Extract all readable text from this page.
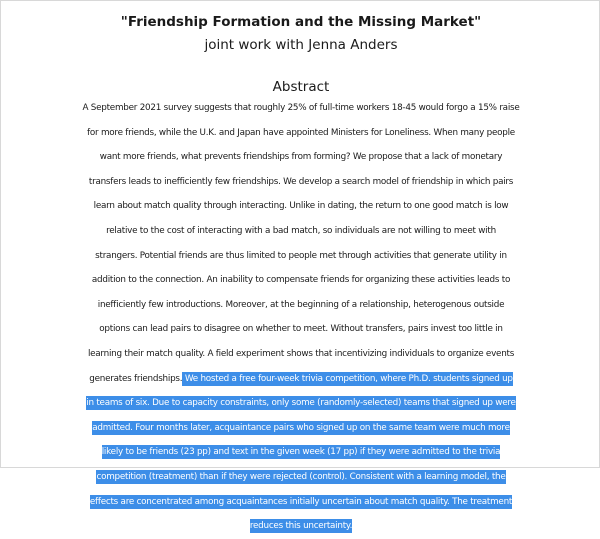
"Friendship Formation and the Missing Market"
joint work with Jenna Anders
Abstract
A September 2021 survey suggests that roughly 25% of full-time workers 18-45 would forgo a 15% raise
for more friends, while the U.K. and Japan have appointed Ministers for Loneliness. When many people
want more friends, what prevents friendships from forming? We propose that a lack of monetary
transfers leads to inefficiently few friendships. We develop a search model of friendship in which pairs
learn about match quality through interacting. Unlike in dating, the return to one good match is low
relative to the cost of interacting with a bad match, so individuals are not willing to meet with
strangers. Potential friends are thus limited to people met through activities that generate utility in
addition to the connection. An inability to compensate friends for organizing these activities leads to
inefficiently few introductions. Moreover, at the beginning of a relationship, heterogenous outside
options can lead pairs to disagree on whether to meet. Without transfers, pairs invest too little in
learning their match quality. A field experiment shows that incentivizing individuals to organize events
generates friendships. We hosted a free four-week trivia competition, where Ph.D. students signed up
in teams of six. Due to capacity constraints, only some (randomly-selected) teams that signed up were
admitted. Four months later, acquaintance pairs who signed up on the same team were much more
likely to be friends (23 pp) and text in the given week (17 pp) if they were admitted to the trivia
competition (treatment) than if they were rejected (control). Consistent with a learning model, the
effects are concentrated among acquaintances initially uncertain about match quality. The treatment
reduces this uncertainty.
